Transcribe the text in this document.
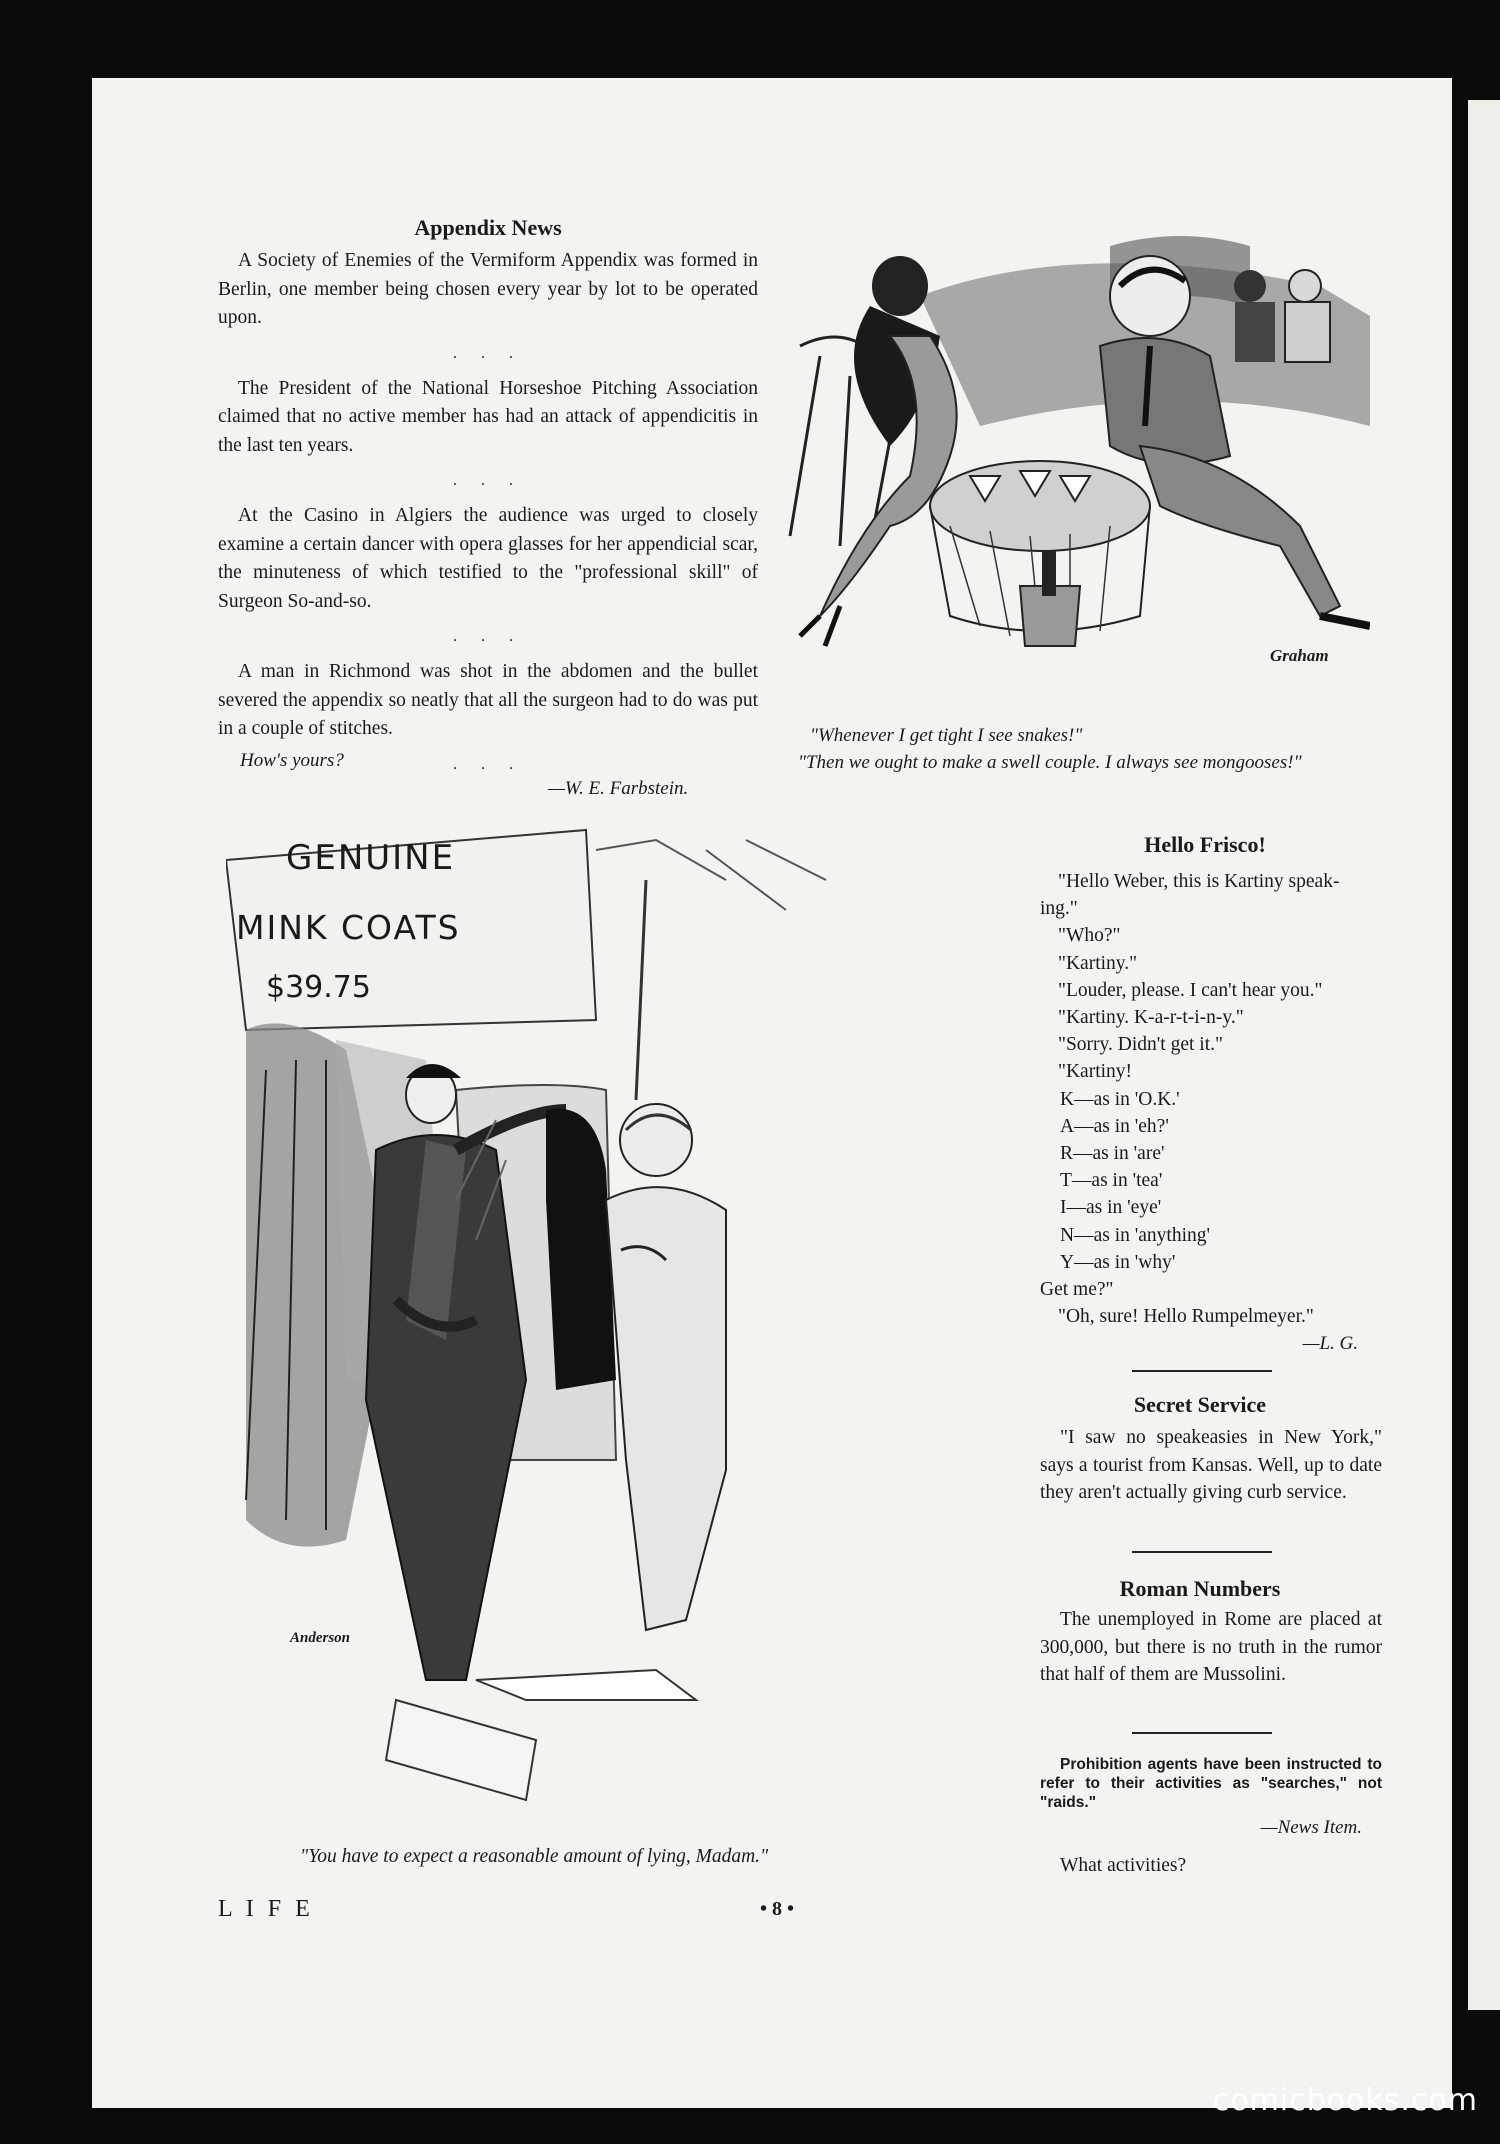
Appendix News

A Society of Enemies of the Vermiform Appendix was formed in Berlin, one member being chosen every year by lot to be operated upon.

. . .

The President of the National Horseshoe Pitching Association claimed that no active member has had an attack of appendicitis in the last ten years.

. . .

At the Casino in Algiers the audience was urged to closely examine a certain dancer with opera glasses for her appendicial scar, the minuteness of which testified to the "professional skill" of Surgeon So-and-so.

. . .

A man in Richmond was shot in the abdomen and the bullet severed the appendix so neatly that all the surgeon had to do was put in a couple of stitches.

. . .
How's yours?
—W. E. Farbstein.
Graham
"Whenever I get tight I see snakes!"
"Then we ought to make a swell couple. I always see mongooses!"
GENUINE
MINK COATS
$39.75
Anderson
"You have to expect a reasonable amount of lying, Madam."
Hello Frisco!
"Hello Weber, this is Kartiny speak-
ing."
"Who?"
"Kartiny."
"Louder, please. I can't hear you."
"Kartiny. K-a-r-t-i-n-y."
"Sorry. Didn't get it."
"Kartiny!
K—as in 'O.K.'
A—as in 'eh?'
R—as in 'are'
T—as in 'tea'
I—as in 'eye'
N—as in 'anything'
Y—as in 'why'
Get me?"
"Oh, sure! Hello Rumpelmeyer."
—L. G.
Secret Service

"I saw no speakeasies in New York," says a tourist from Kansas. Well, up to date they aren't actually giving curb service.

Roman Numbers

The unemployed in Rome are placed at 300,000, but there is no truth in the rumor that half of them are Mussolini.

Prohibition agents have been instructed to refer to their activities as "searches," not "raids."
—News Item.
What activities?
L I F E	• 8 •
comicbooks.com
